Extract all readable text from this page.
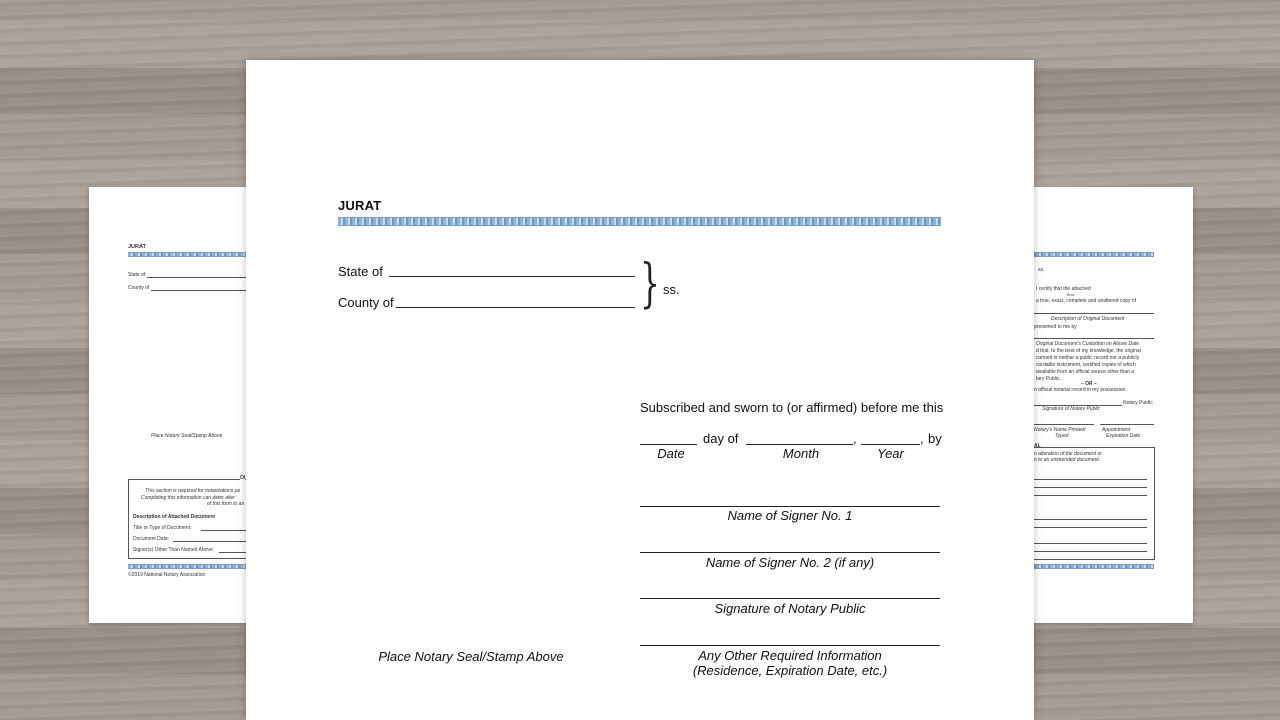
JURAT
State of
County of
Place Notary Seal/Stamp Above
OI
This section is required for notarizations pe
Completing this information can deter alter
of this form to an
Description of Attached Document
Title or Type of Document:
Document Date:
Signer(s) Other Than Named Above:
©2019 National Notary Association
ss.
I certify that the attached
Year
a true, exact, complete and unaltered copy of
Description of Original Document
presented to me by
Original Document's Custodian on Above Date
d that, to the best of my knowledge, the original
cument is neither a public record nor a publicly
cordable instrument, certified copies of which
available from an official source other than a
tary Public.
– OR –
n official notarial record in my possession.
Notary Public
Signature of Notary Public
Notary's Name Printed/	Appointment
Typed	Expiration Date
AL
n alteration of the document or
n to an unintended document.
JURAT
State of
County of	} ss.
Subscribed and sworn to (or affirmed) before me this
day of	,	, by
Date	Month	Year
Name of Signer No. 1
Name of Signer No. 2 (if any)
Signature of Notary Public
Any Other Required Information
(Residence, Expiration Date, etc.)
Place Notary Seal/Stamp Above
